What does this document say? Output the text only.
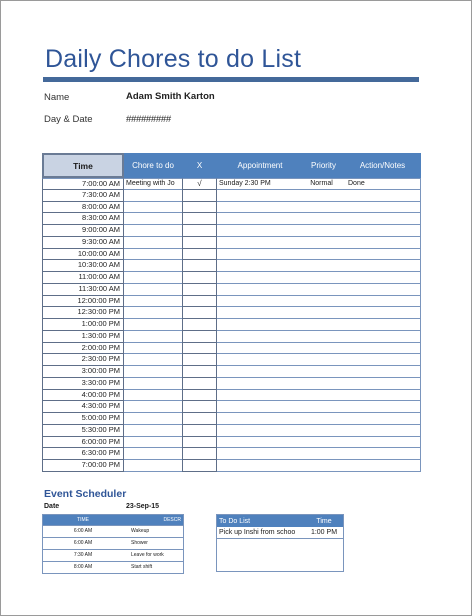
Daily Chores to do List
Name	Adam Smith Karton
Day & Date	#########
Time	Chore to do	X	Appointment	Priority	Action/Notes
7:00:00 AM Meeting with Jo	√	Sunday 2:30 PM	Normal	Done
7:30:00 AM
8:00:00 AM
8:30:00 AM
9:00:00 AM
9:30:00 AM
10:00:00 AM
10:30:00 AM
11:00:00 AM
11:30:00 AM
12:00:00 PM
12:30:00 PM
1:00:00 PM
1:30:00 PM
2:00:00 PM
2:30:00 PM
3:00:00 PM
3:30:00 PM
4:00:00 PM
4:30:00 PM
5:00:00 PM
5:30:00 PM
6:00:00 PM
6:30:00 PM
7:00:00 PM
Event Scheduler
Date	23-Sep-15
TIME	DESCR
6:00 AM	Wakeup
6:00 AM	Shower
7:30 AM	Leave for work
8:00 AM	Start shift
To Do List	Time
Pick up Inshi from schoo	1:00 PM
